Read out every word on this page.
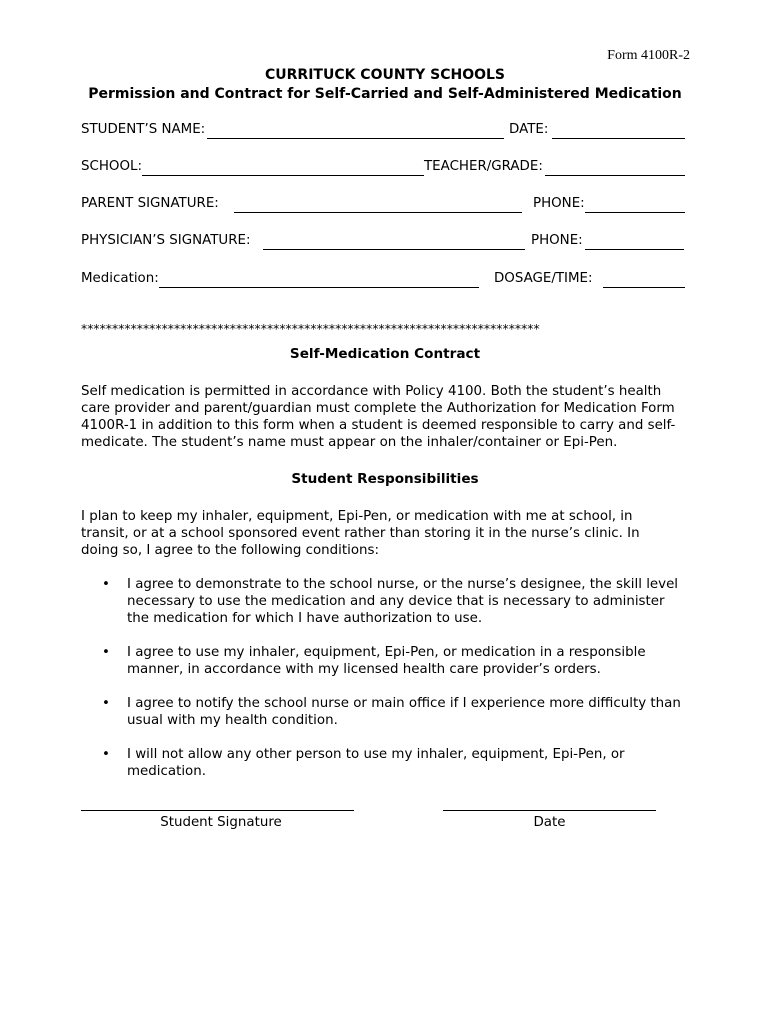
Form 4100R-2
CURRITUCK COUNTY SCHOOLS
Permission and Contract for Self-Carried and Self-Administered Medication
STUDENT’S NAME:	DATE:
SCHOOL:	TEACHER/GRADE:
PARENT SIGNATURE:	PHONE:
PHYSICIAN’S SIGNATURE:	PHONE:
Medication:	DOSAGE/TIME:
**************************************************************************
Self-Medication Contract

Self medication is permitted in accordance with Policy 4100. Both the student’s health care provider and parent/guardian must complete the Authorization for Medication Form 4100R-1 in addition to this form when a student is deemed responsible to carry and self-medicate. The student’s name must appear on the inhaler/container or Epi-Pen.

Student Responsibilities

I plan to keep my inhaler, equipment, Epi-Pen, or medication with me at school, in transit, or at a school sponsored event rather than storing it in the nurse’s clinic. In doing so, I agree to the following conditions:

• I agree to demonstrate to the school nurse, or the nurse’s designee, the skill level necessary to use the medication and any device that is necessary to administer the medication for which I have authorization to use.
• I agree to use my inhaler, equipment, Epi-Pen, or medication in a responsible manner, in accordance with my licensed health care provider’s orders.
• I agree to notify the school nurse or main office if I experience more difficulty than usual with my health condition.
• I will not allow any other person to use my inhaler, equipment, Epi-Pen, or medication.
Student Signature	Date
